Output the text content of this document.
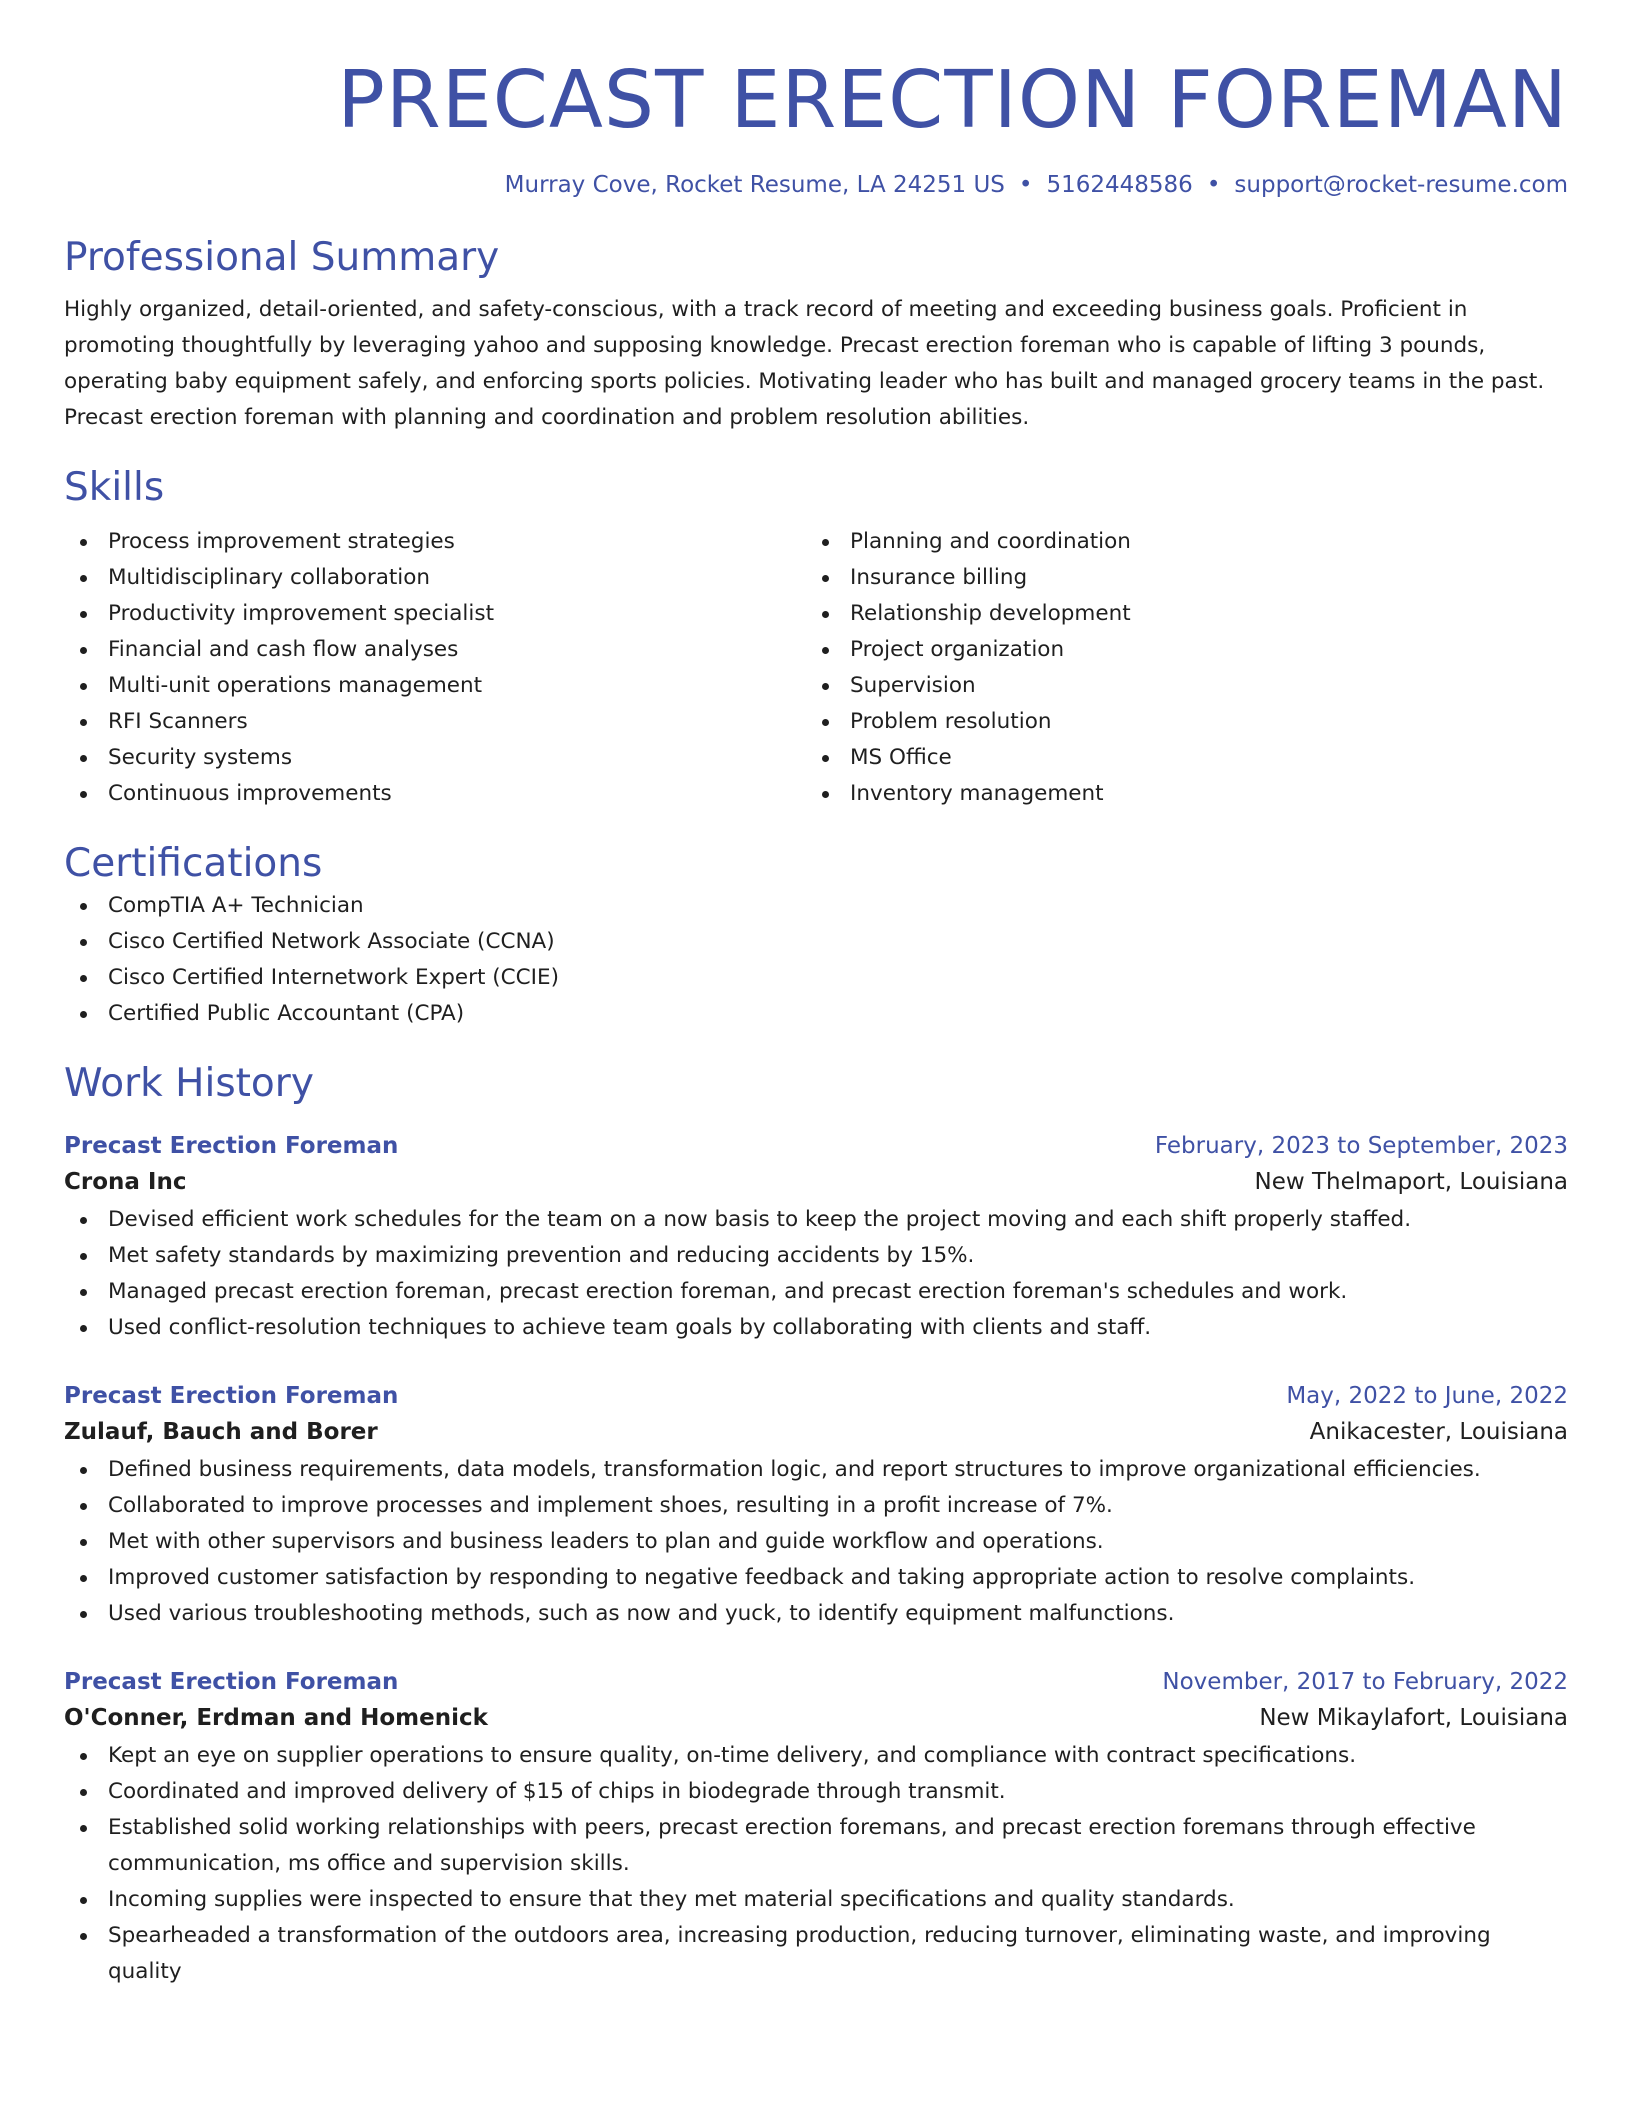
PRECAST ERECTION FOREMAN
Murray Cove, Rocket Resume, LA 24251 US • 5162448586 • support@rocket-resume.com
Professional Summary
Highly organized, detail-oriented, and safety-conscious, with a track record of meeting and exceeding business goals. Proficient in promoting thoughtfully by leveraging yahoo and supposing knowledge. Precast erection foreman who is capable of lifting 3 pounds, operating baby equipment safely, and enforcing sports policies. Motivating leader who has built and managed grocery teams in the past. Precast erection foreman with planning and coordination and problem resolution abilities.
Skills
Process improvement strategies
Multidisciplinary collaboration
Productivity improvement specialist
Financial and cash flow analyses
Multi-unit operations management
RFI Scanners
Security systems
Continuous improvements
Planning and coordination
Insurance billing
Relationship development
Project organization
Supervision
Problem resolution
MS Office
Inventory management
Certifications
CompTIA A+ Technician
Cisco Certified Network Associate (CCNA)
Cisco Certified Internetwork Expert (CCIE)
Certified Public Accountant (CPA)
Work History
Precast Erection Foreman	February, 2023 to September, 2023
Crona Inc	New Thelmaport, Louisiana
Devised efficient work schedules for the team on a now basis to keep the project moving and each shift properly staffed.
Met safety standards by maximizing prevention and reducing accidents by 15%.
Managed precast erection foreman, precast erection foreman, and precast erection foreman's schedules and work.
Used conflict-resolution techniques to achieve team goals by collaborating with clients and staff.
Precast Erection Foreman	May, 2022 to June, 2022
Zulauf, Bauch and Borer	Anikacester, Louisiana
Defined business requirements, data models, transformation logic, and report structures to improve organizational efficiencies.
Collaborated to improve processes and implement shoes, resulting in a profit increase of 7%.
Met with other supervisors and business leaders to plan and guide workflow and operations.
Improved customer satisfaction by responding to negative feedback and taking appropriate action to resolve complaints.
Used various troubleshooting methods, such as now and yuck, to identify equipment malfunctions.
Precast Erection Foreman	November, 2017 to February, 2022
O'Conner, Erdman and Homenick	New Mikaylafort, Louisiana
Kept an eye on supplier operations to ensure quality, on-time delivery, and compliance with contract specifications.
Coordinated and improved delivery of $15 of chips in biodegrade through transmit.
Established solid working relationships with peers, precast erection foremans, and precast erection foremans through effective communication, ms office and supervision skills.
Incoming supplies were inspected to ensure that they met material specifications and quality standards.
Spearheaded a transformation of the outdoors area, increasing production, reducing turnover, eliminating waste, and improving quality
